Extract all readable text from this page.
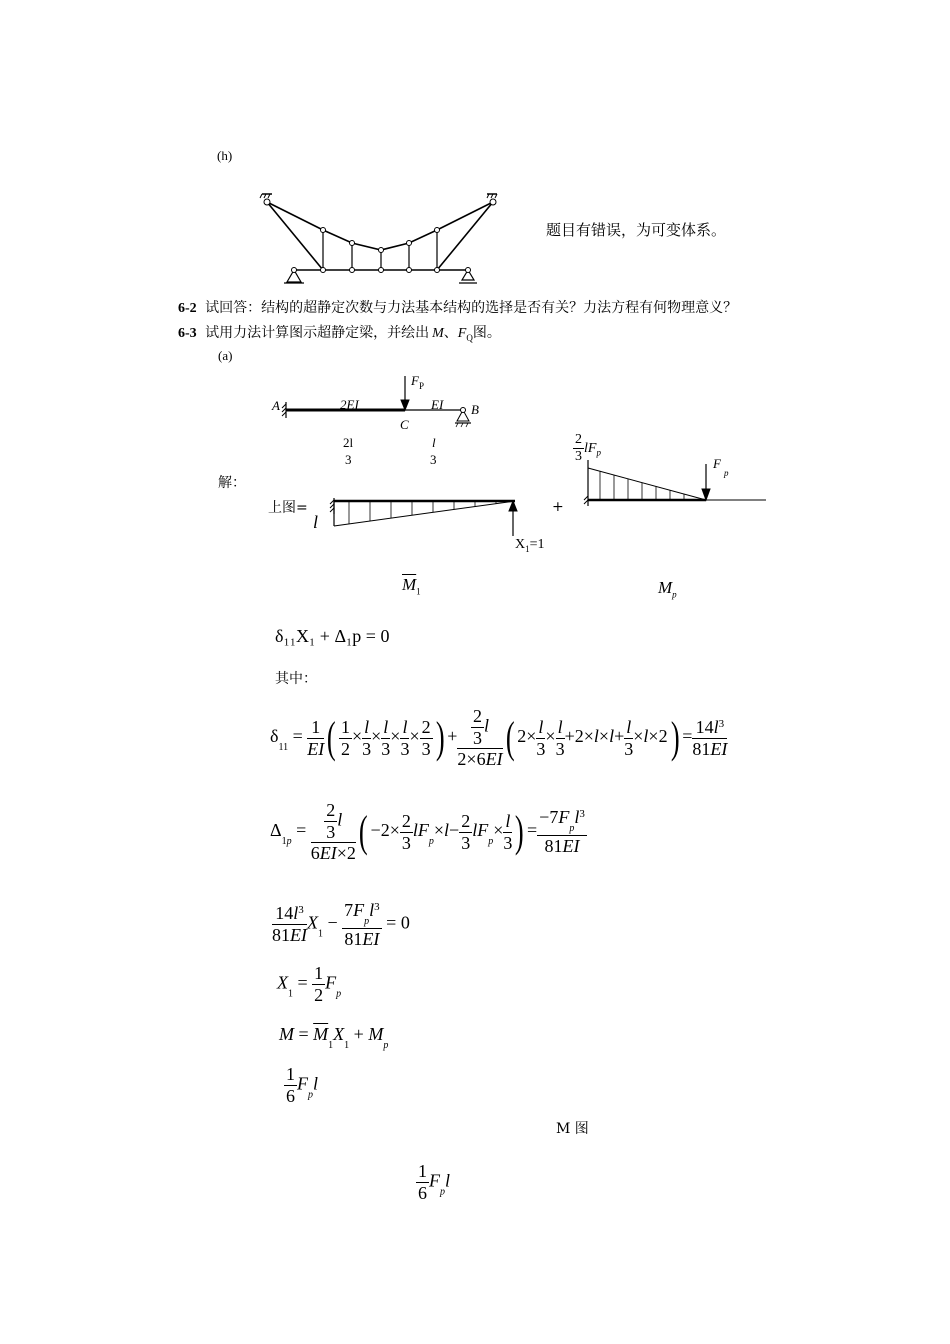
(h)
题目有错误，为可变体系。
6-2 试回答：结构的超静定次数与力法基本结构的选择是否有关？力法方程有何物理意义？
6-3 试用力法计算图示超静定梁，并绘出 M、$F_Q$图。
(a)
A	B
C
F P
2EI	EI
2l
3
l
3
解：
上图=
l
$X_1=1$
+
F
p
$\frac{2}{3} lF_p$
$\overline{M}_1$	$M_p$
δ₁₁X₁ + Δ₁p = 0
其中：
$\delta_{11} = \frac{1}{EI}$ ( $\frac{1}{2} \times \frac{l}{3} \times \frac{l}{3} \times \frac{l}{3} \times \frac{2}{3}$ ) + $\frac{\frac{2}{3} l}{2\times 6EI}$ ( $2\times \frac{l}{3} \times \frac{l}{3} +2\times l\times l+ \frac{l}{3} \times l\times 2) = \frac{14l^3}{81EI}$
$\Delta_{1p} = \frac{\frac{2}{3} l}{6EI\times 2}$ ( $-2\times \frac{2}{3} lF_p\times l- \frac{2}{3} lF_p\times \frac{l}{3}$ ) = $\frac{-7F_pl^3}{81EI}$
$\frac{14l^3}{81EI} X_1 - \frac{7F_pl^3}{81EI} = 0$
$X_1 = \frac{1}{2} F_p$
$M = \overline{M}_1X_1 + M_p$
$\frac{1}{6} F_pl$
M 图
$\frac{1}{6} F_pl$
